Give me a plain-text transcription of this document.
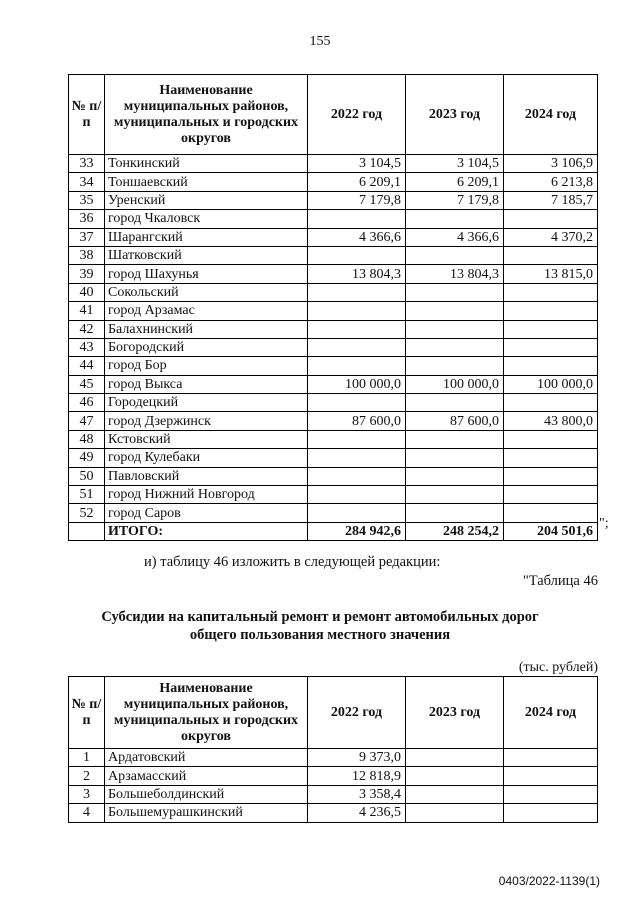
155
№ п/п	Наименование муниципальных районов, муниципальных и городских округов	2022 год	2023 год	2024 год
33	Тонкинский	3 104,5	3 104,5	3 106,9
34	Тоншаевский	6 209,1	6 209,1	6 213,8
35	Уренский	7 179,8	7 179,8	7 185,7
36	город Чкаловск			
37	Шарангский	4 366,6	4 366,6	4 370,2
38	Шатковский			
39	город Шахунья	13 804,3	13 804,3	13 815,0
40	Сокольский			
41	город Арзамас			
42	Балахнинский			
43	Богородский			
44	город Бор			
45	город Выкса	100 000,0	100 000,0	100 000,0
46	Городецкий			
47	город Дзержинск	87 600,0	87 600,0	43 800,0
48	Кстовский			
49	город Кулебаки			
50	Павловский			
51	город Нижний Новгород			
52	город Саров			
	ИТОГО:	284 942,6	248 254,2	204 501,6
";
и) таблицу 46 изложить в следующей редакции:
"Таблица 46
Субсидии на капитальный ремонт и ремонт автомобильных дорог
общего пользования местного значения
(тыс. рублей)
№ п/п	Наименование муниципальных районов, муниципальных и городских округов	2022 год	2023 год	2024 год
1	Ардатовский	9 373,0		
2	Арзамасский	12 818,9		
3	Большеболдинский	3 358,4		
4	Большемурашкинский	4 236,5		
0403/2022-1139(1)
